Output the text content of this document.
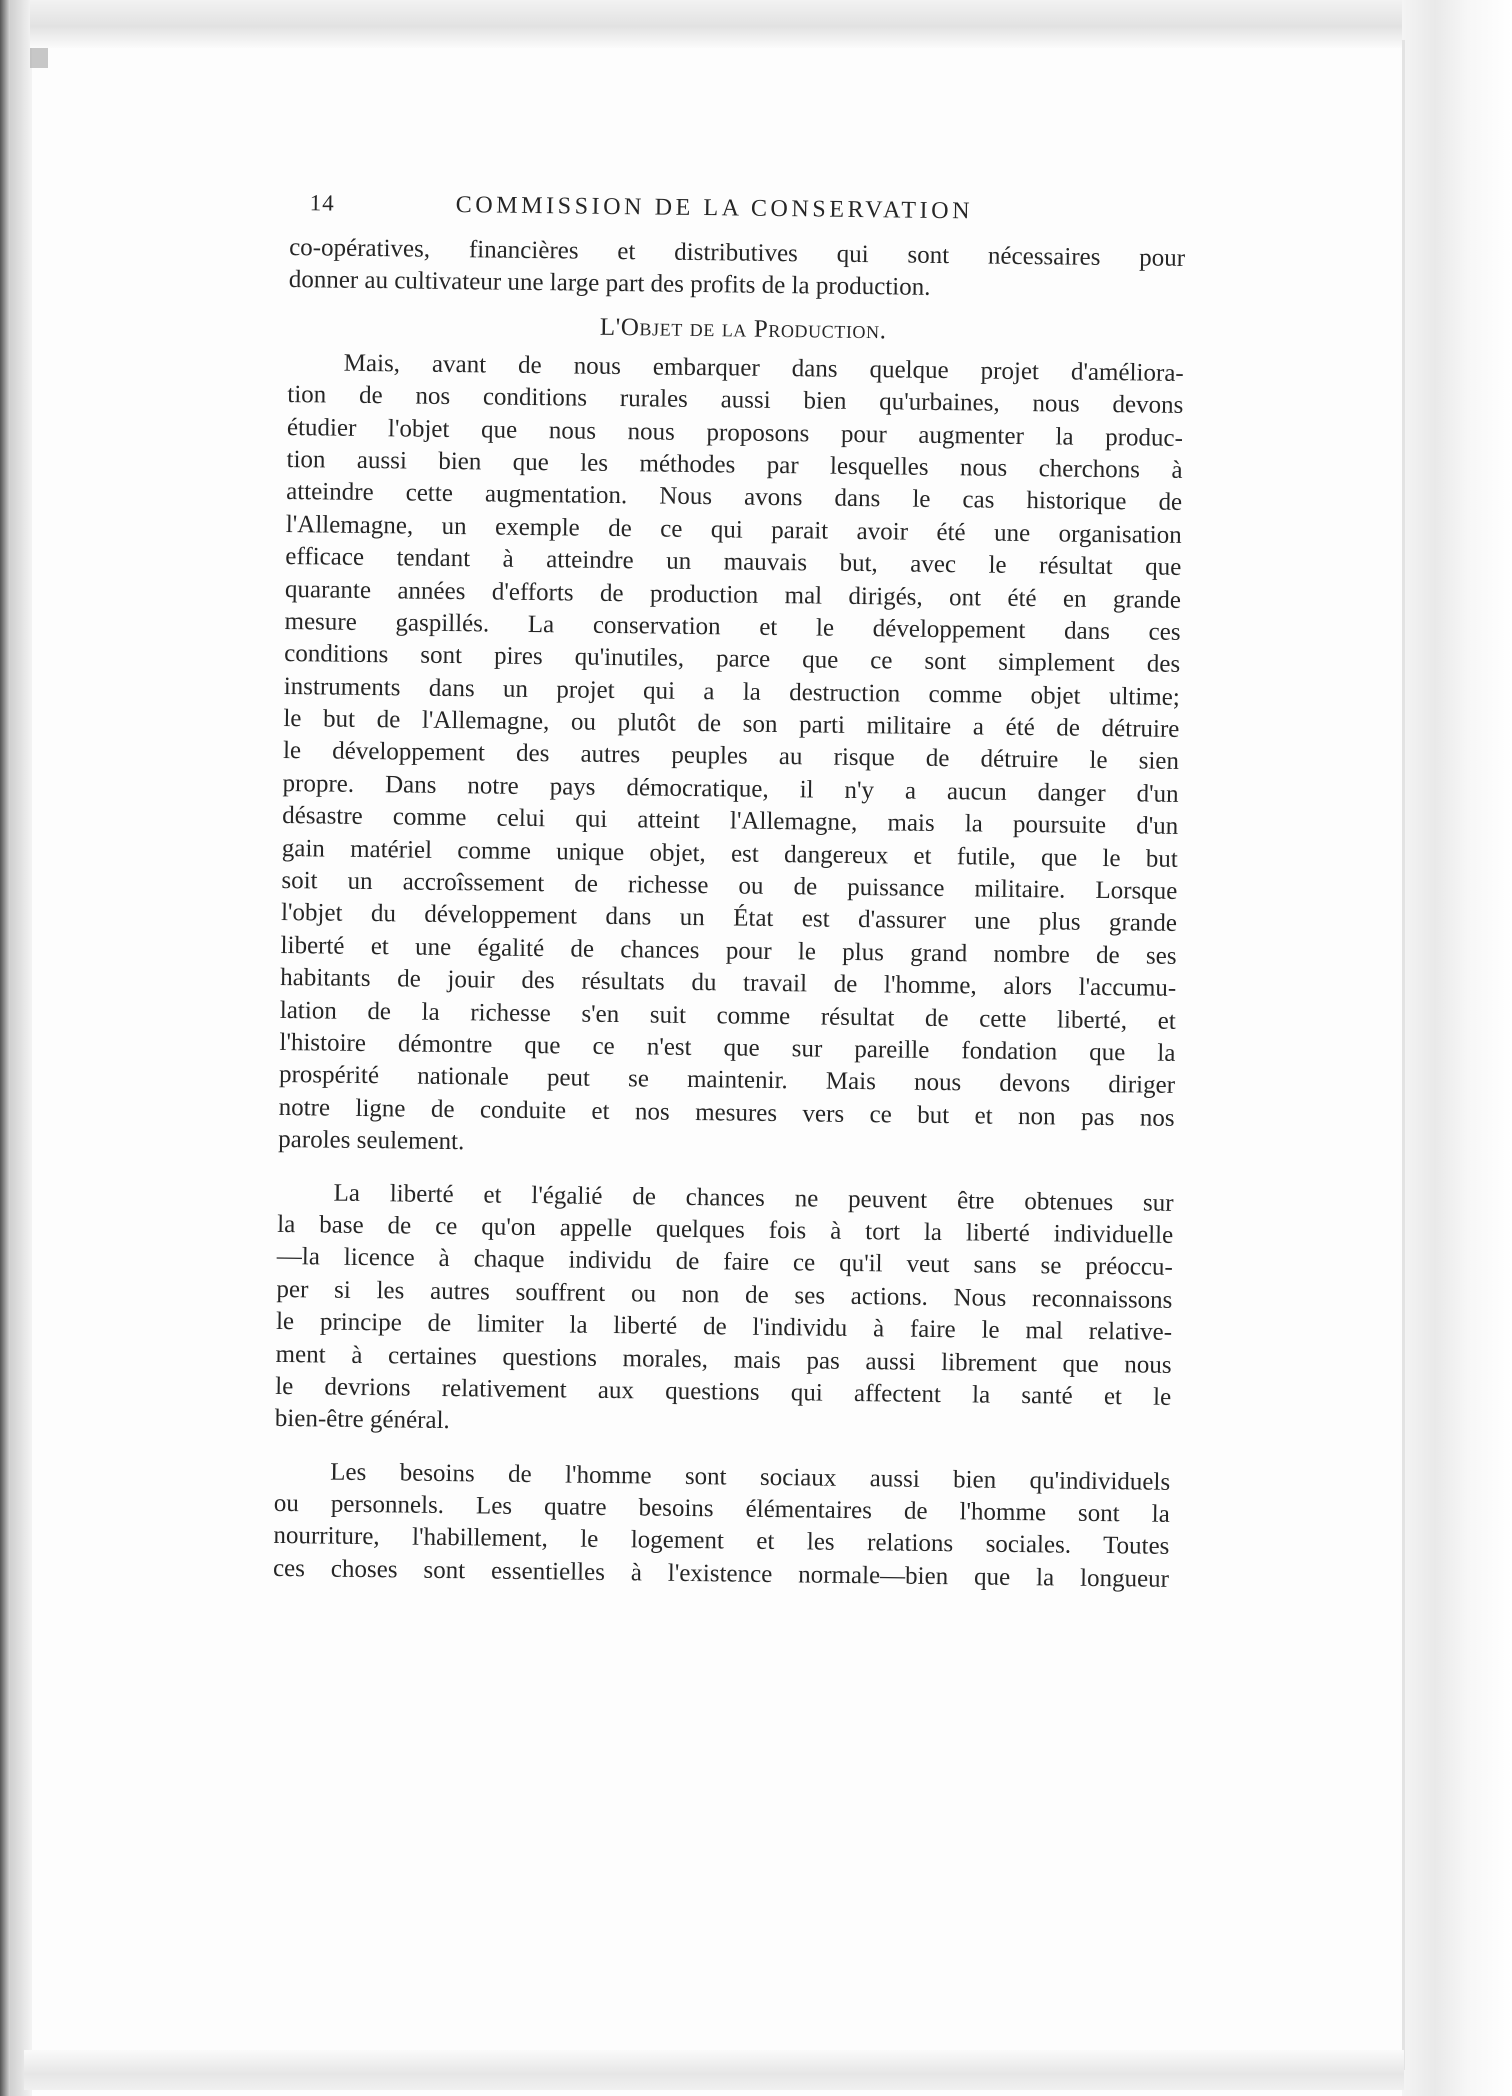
14	COMMISSION DE LA CONSERVATION
co-opératives, financières et distributives qui sont nécessaires pour
donner au cultivateur une large part des profits de la production.
L'Objet de la Production.
Mais, avant de nous embarquer dans quelque projet d'améliora-
tion de nos conditions rurales aussi bien qu'urbaines, nous devons
étudier l'objet que nous nous proposons pour augmenter la produc-
tion aussi bien que les méthodes par lesquelles nous cherchons à
atteindre cette augmentation. Nous avons dans le cas historique de
l'Allemagne, un exemple de ce qui parait avoir été une organisation
efficace tendant à atteindre un mauvais but, avec le résultat que
quarante années d'efforts de production mal dirigés, ont été en grande
mesure gaspillés. La conservation et le développement dans ces
conditions sont pires qu'inutiles, parce que ce sont simplement des
instruments dans un projet qui a la destruction comme objet ultime;
le but de l'Allemagne, ou plutôt de son parti militaire a été de détruire
le développement des autres peuples au risque de détruire le sien
propre. Dans notre pays démocratique, il n'y a aucun danger d'un
désastre comme celui qui atteint l'Allemagne, mais la poursuite d'un
gain matériel comme unique objet, est dangereux et futile, que le but
soit un accroîssement de richesse ou de puissance militaire. Lorsque
l'objet du développement dans un État est d'assurer une plus grande
liberté et une égalité de chances pour le plus grand nombre de ses
habitants de jouir des résultats du travail de l'homme, alors l'accumu-
lation de la richesse s'en suit comme résultat de cette liberté, et
l'histoire démontre que ce n'est que sur pareille fondation que la
prospérité nationale peut se maintenir. Mais nous devons diriger
notre ligne de conduite et nos mesures vers ce but et non pas nos
paroles seulement.
La liberté et l'égalié de chances ne peuvent être obtenues sur
la base de ce qu'on appelle quelques fois à tort la liberté individuelle
—la licence à chaque individu de faire ce qu'il veut sans se préoccu-
per si les autres souffrent ou non de ses actions. Nous reconnaissons
le principe de limiter la liberté de l'individu à faire le mal relative-
ment à certaines questions morales, mais pas aussi librement que nous
le devrions relativement aux questions qui affectent la santé et le
bien-être général.
Les besoins de l'homme sont sociaux aussi bien qu'individuels
ou personnels. Les quatre besoins élémentaires de l'homme sont la
nourriture, l'habillement, le logement et les relations sociales. Toutes
ces choses sont essentielles à l'existence normale—bien que la longueur
